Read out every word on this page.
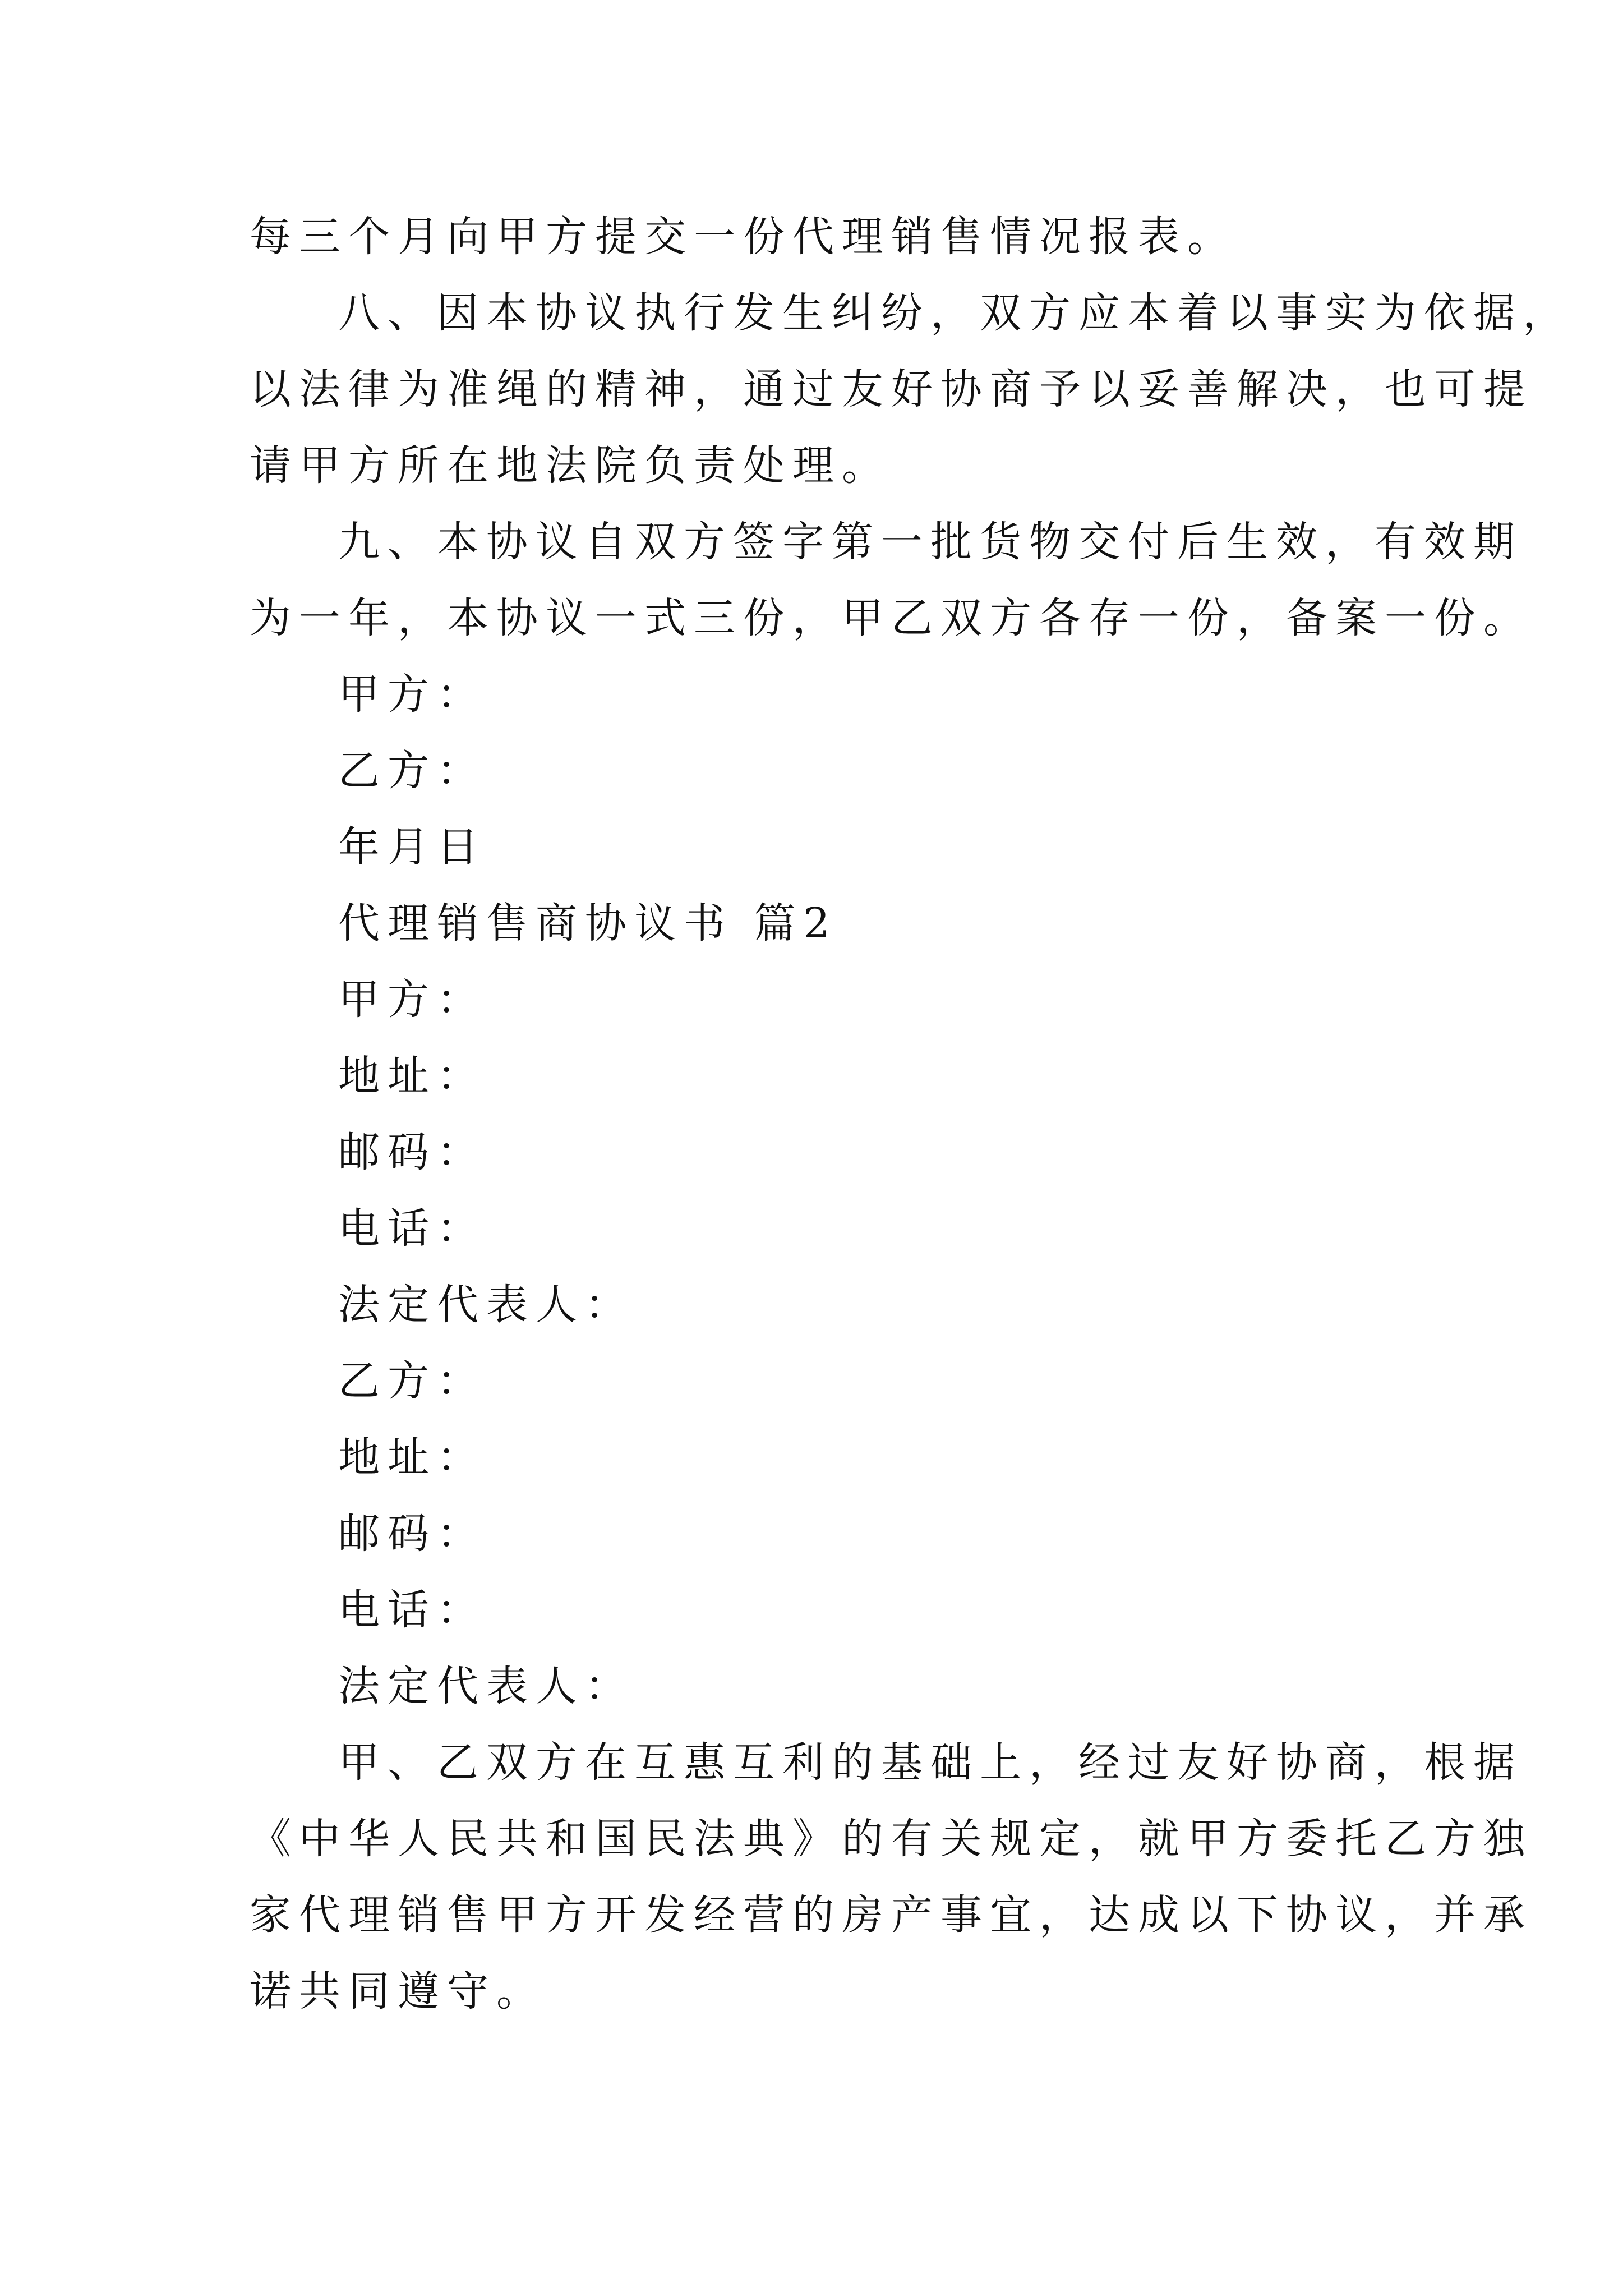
每三个月向甲方提交一份代理销售情况报表。
八、因本协议执行发生纠纷，双方应本着以事实为依据，
以法律为准绳的精神，通过友好协商予以妥善解决，也可提
请甲方所在地法院负责处理。
九、本协议自双方签字第一批货物交付后生效，有效期
为一年，本协议一式三份，甲乙双方各存一份，备案一份。
甲方：
乙方：
年月日
代理销售商协议书 篇2
甲方：
地址：
邮码：
电话：
法定代表人：
乙方：
地址：
邮码：
电话：
法定代表人：
甲、乙双方在互惠互利的基础上，经过友好协商，根据
《中华人民共和国民法典》的有关规定，就甲方委托乙方独
家代理销售甲方开发经营的房产事宜，达成以下协议，并承
诺共同遵守。
